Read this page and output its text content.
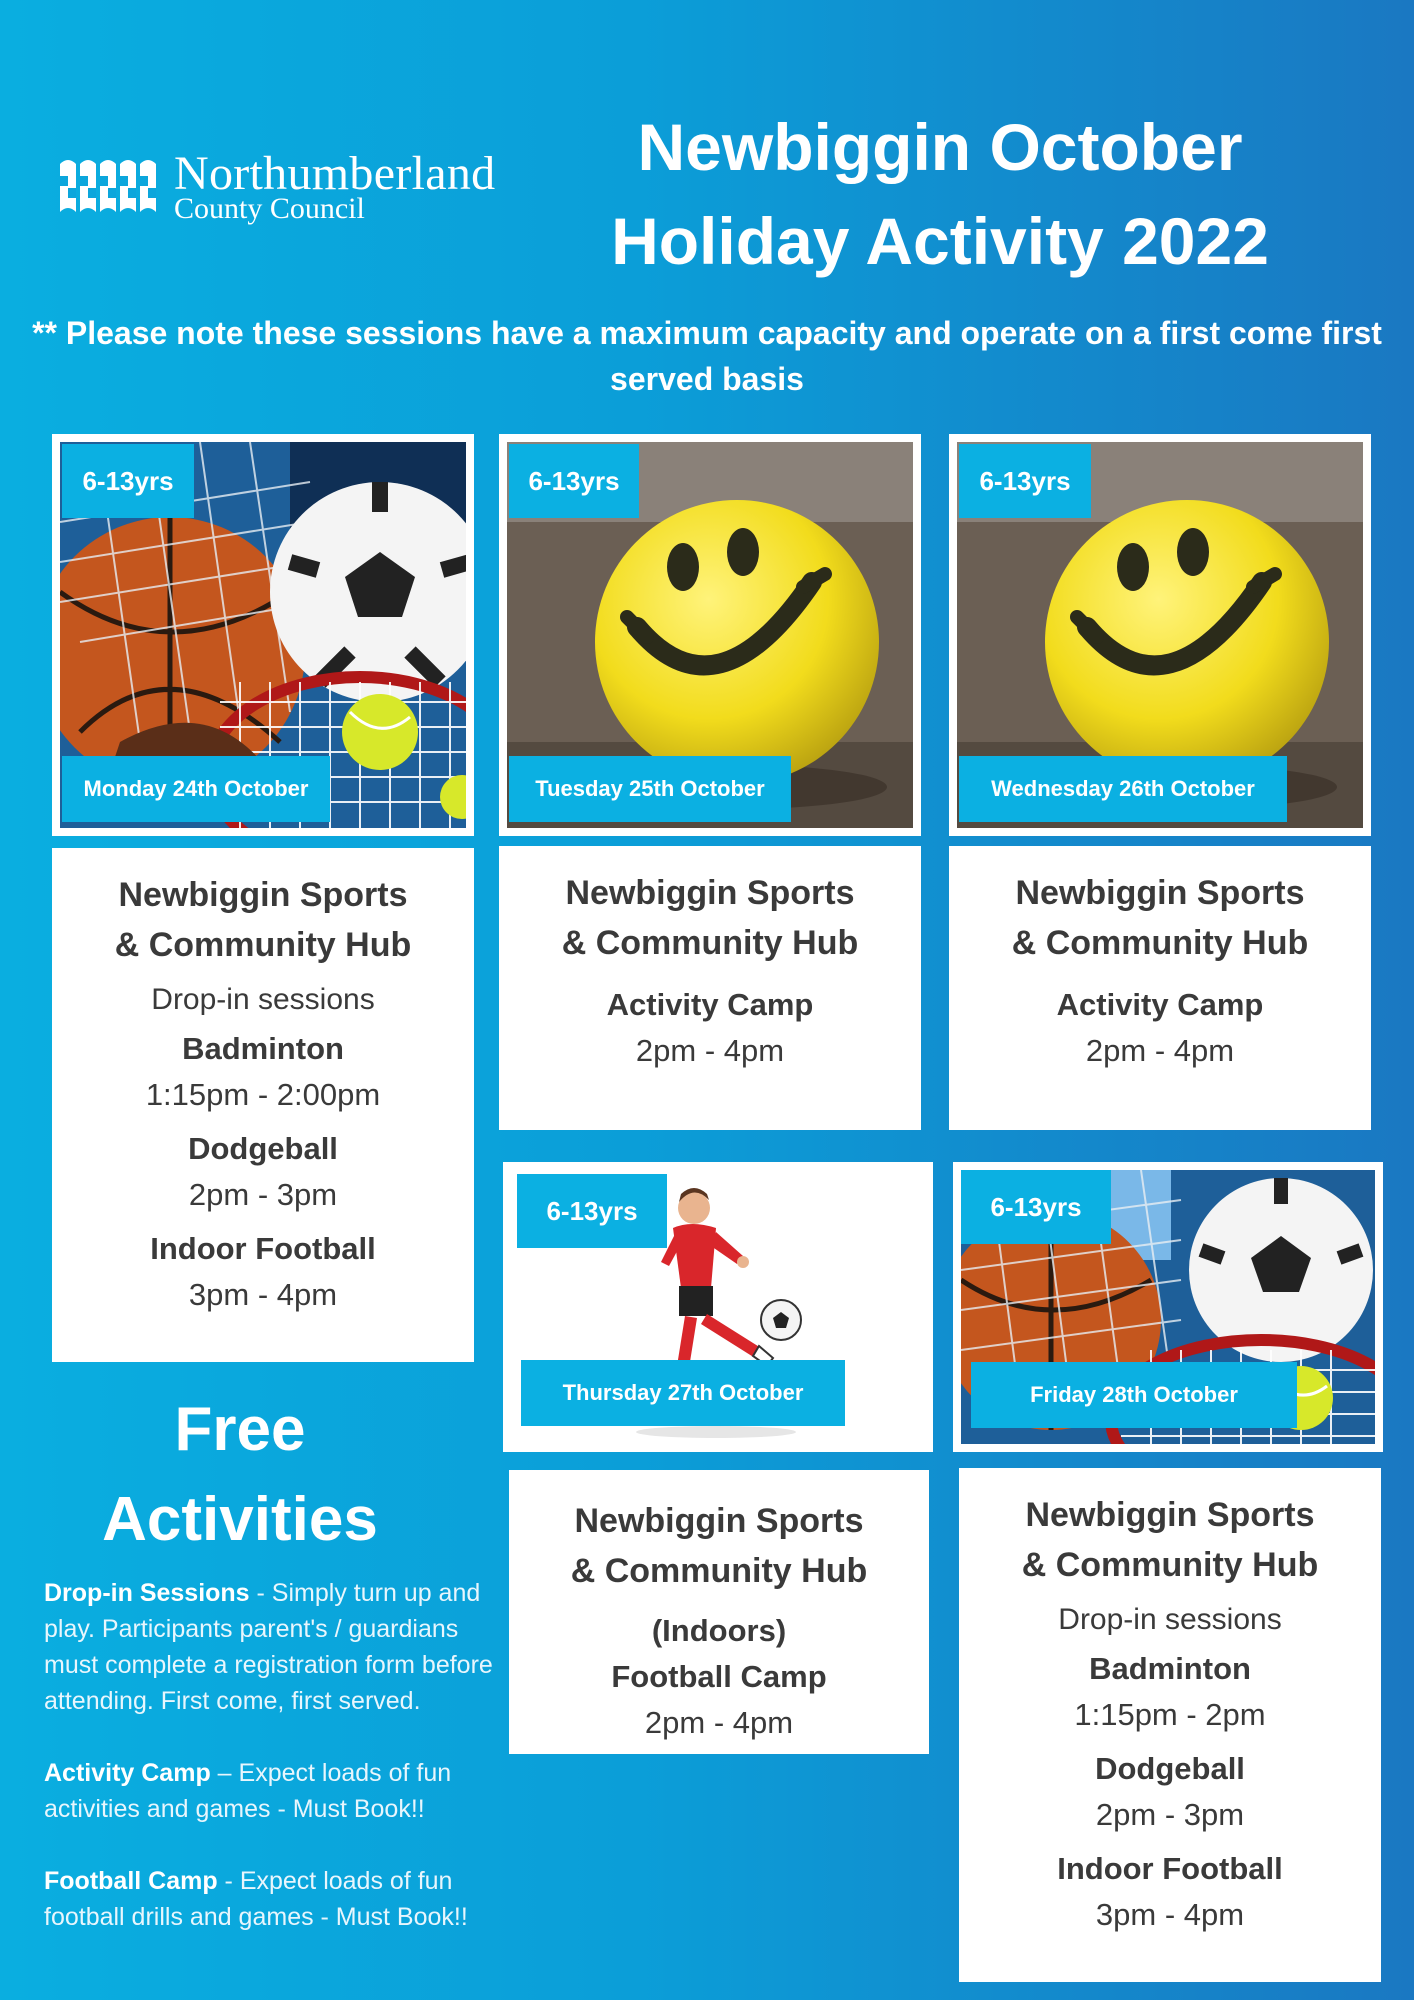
Northumberland
County Council
Newbiggin October
Holiday Activity 2022
** Please note these sessions have a maximum capacity and operate on a first come first served basis
6-13yrs
Monday 24th October
6-13yrs
Tuesday 25th October
6-13yrs
Wednesday 26th October
Newbiggin Sports
& Community Hub
Drop-in sessions
Badminton
1:15pm - 2:00pm
Dodgeball
2pm - 3pm
Indoor Football
3pm - 4pm
Newbiggin Sports
& Community Hub
Activity Camp
2pm - 4pm
Newbiggin Sports
& Community Hub
Activity Camp
2pm - 4pm
6-13yrs
Thursday 27th October
6-13yrs
Friday 28th October
Newbiggin Sports
& Community Hub
(Indoors)
Football Camp
2pm - 4pm
Newbiggin Sports
& Community Hub
Drop-in sessions
Badminton
1:15pm - 2pm
Dodgeball
2pm - 3pm
Indoor Football
3pm - 4pm
Free
Activities

Drop-in Sessions - Simply turn up and play. Participants parent's / guardians must complete a registration form before attending. First come, first served.

Activity Camp – Expect loads of fun activities and games - Must Book!!

Football Camp - Expect loads of fun football drills and games - Must Book!!
